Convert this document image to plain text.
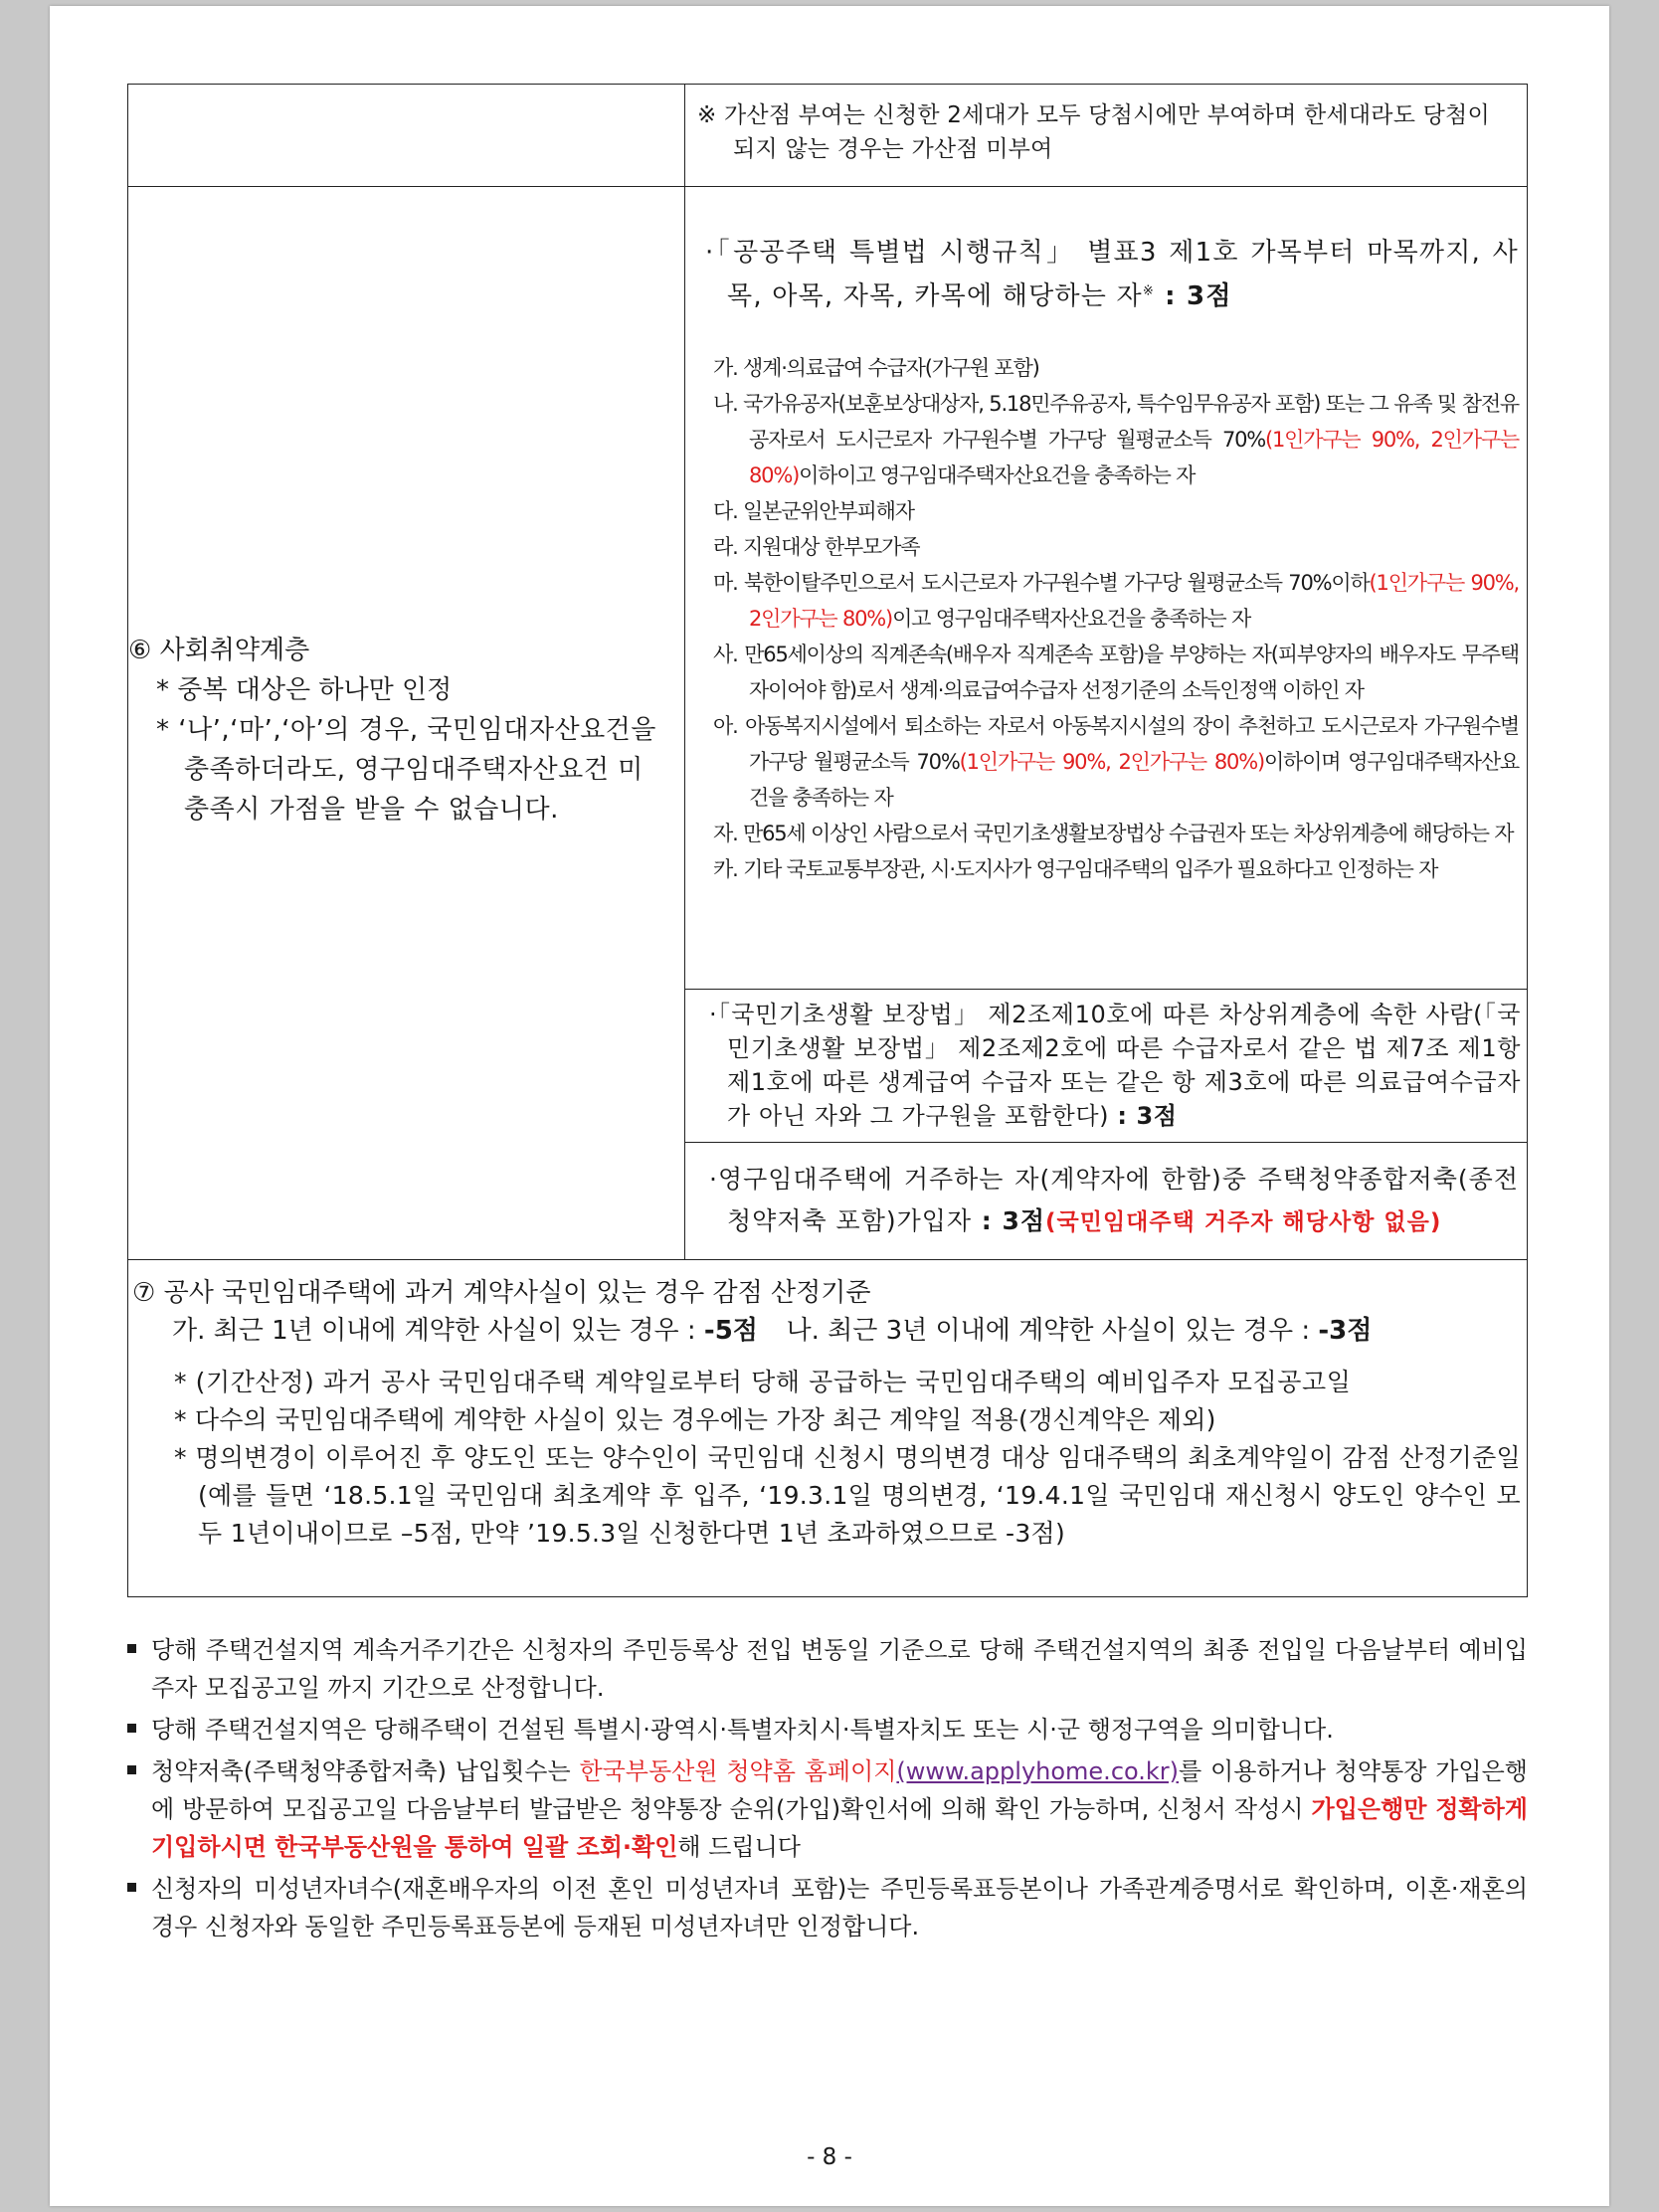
※ 가산점 부여는 신청한 2세대가 모두 당첨시에만 부여하며 한세대라도 당첨이 되지 않는 경우는 가산점 미부여

⑥ 사회취약계층

* 중복 대상은 하나만 인정

* ‘나’,‘마’,‘아’의 경우, 국민임대자산요건을 충족하더라도, 영구임대주택자산요건 미충족시 가점을 받을 수 없습니다.

·「공공주택 특별법 시행규칙」 별표3 제1호 가목부터 마목까지, 사목, 아목, 자목, 카목에 해당하는 자※ : 3점

가. 생계·의료급여 수급자(가구원 포함)

나. 국가유공자(보훈보상대상자, 5.18민주유공자, 특수임무유공자 포함) 또는 그 유족 및 참전유공자로서 도시근로자 가구원수별 가구당 월평균소득 70%(1인가구는 90%, 2인가구는 80%)이하이고 영구임대주택자산요건을 충족하는 자

다. 일본군위안부피해자

라. 지원대상 한부모가족

마. 북한이탈주민으로서 도시근로자 가구원수별 가구당 월평균소득 70%이하(1인가구는 90%, 2인가구는 80%)이고 영구임대주택자산요건을 충족하는 자

사. 만65세이상의 직계존속(배우자 직계존속 포함)을 부양하는 자(피부양자의 배우자도 무주택자이어야 함)로서 생계·의료급여수급자 선정기준의 소득인정액 이하인 자

아. 아동복지시설에서 퇴소하는 자로서 아동복지시설의 장이 추천하고 도시근로자 가구원수별 가구당 월평균소득 70%(1인가구는 90%, 2인가구는 80%)이하이며 영구임대주택자산요건을 충족하는 자

자. 만65세 이상인 사람으로서 국민기초생활보장법상 수급권자 또는 차상위계층에 해당하는 자

카. 기타 국토교통부장관, 시·도지사가 영구임대주택의 입주가 필요하다고 인정하는 자

·「국민기초생활 보장법」 제2조제10호에 따른 차상위계층에 속한 사람(「국민기초생활 보장법」 제2조제2호에 따른 수급자로서 같은 법 제7조 제1항제1호에 따른 생계급여 수급자 또는 같은 항 제3호에 따른 의료급여수급자가 아닌 자와 그 가구원을 포함한다) : 3점

·영구임대주택에 거주하는 자(계약자에 한함)중 주택청약종합저축(종전 청약저축 포함)가입자 : 3점(국민임대주택 거주자 해당사항 없음)

⑦ 공사 국민임대주택에 과거 계약사실이 있는 경우 감점 산정기준

가. 최근 1년 이내에 계약한 사실이 있는 경우 : -5점 나. 최근 3년 이내에 계약한 사실이 있는 경우 : -3점

* (기간산정) 과거 공사 국민임대주택 계약일로부터 당해 공급하는 국민임대주택의 예비입주자 모집공고일

* 다수의 국민임대주택에 계약한 사실이 있는 경우에는 가장 최근 계약일 적용(갱신계약은 제외)

* 명의변경이 이루어진 후 양도인 또는 양수인이 국민임대 신청시 명의변경 대상 임대주택의 최초계약일이 감점 산정기준일(예를 들면 ‘18.5.1일 국민임대 최초계약 후 입주, ‘19.3.1일 명의변경, ‘19.4.1일 국민임대 재신청시 양도인 양수인 모두 1년이내이므로 –5점, 만약 ’19.5.3일 신청한다면 1년 초과하였으므로 -3점)

당해 주택건설지역 계속거주기간은 신청자의 주민등록상 전입 변동일 기준으로 당해 주택건설지역의 최종 전입일 다음날부터 예비입주자 모집공고일 까지 기간으로 산정합니다.

당해 주택건설지역은 당해주택이 건설된 특별시·광역시·특별자치시·특별자치도 또는 시·군 행정구역을 의미합니다.

청약저축(주택청약종합저축) 납입횟수는 한국부동산원 청약홈 홈페이지(www.applyhome.co.kr)를 이용하거나 청약통장 가입은행에 방문하여 모집공고일 다음날부터 발급받은 청약통장 순위(가입)확인서에 의해 확인 가능하며, 신청서 작성시 가입은행만 정확하게 기입하시면 한국부동산원을 통하여 일괄 조회·확인해 드립니다

신청자의 미성년자녀수(재혼배우자의 이전 혼인 미성년자녀 포함)는 주민등록표등본이나 가족관계증명서로 확인하며, 이혼·재혼의 경우 신청자와 동일한 주민등록표등본에 등재된 미성년자녀만 인정합니다.

- 8 -
